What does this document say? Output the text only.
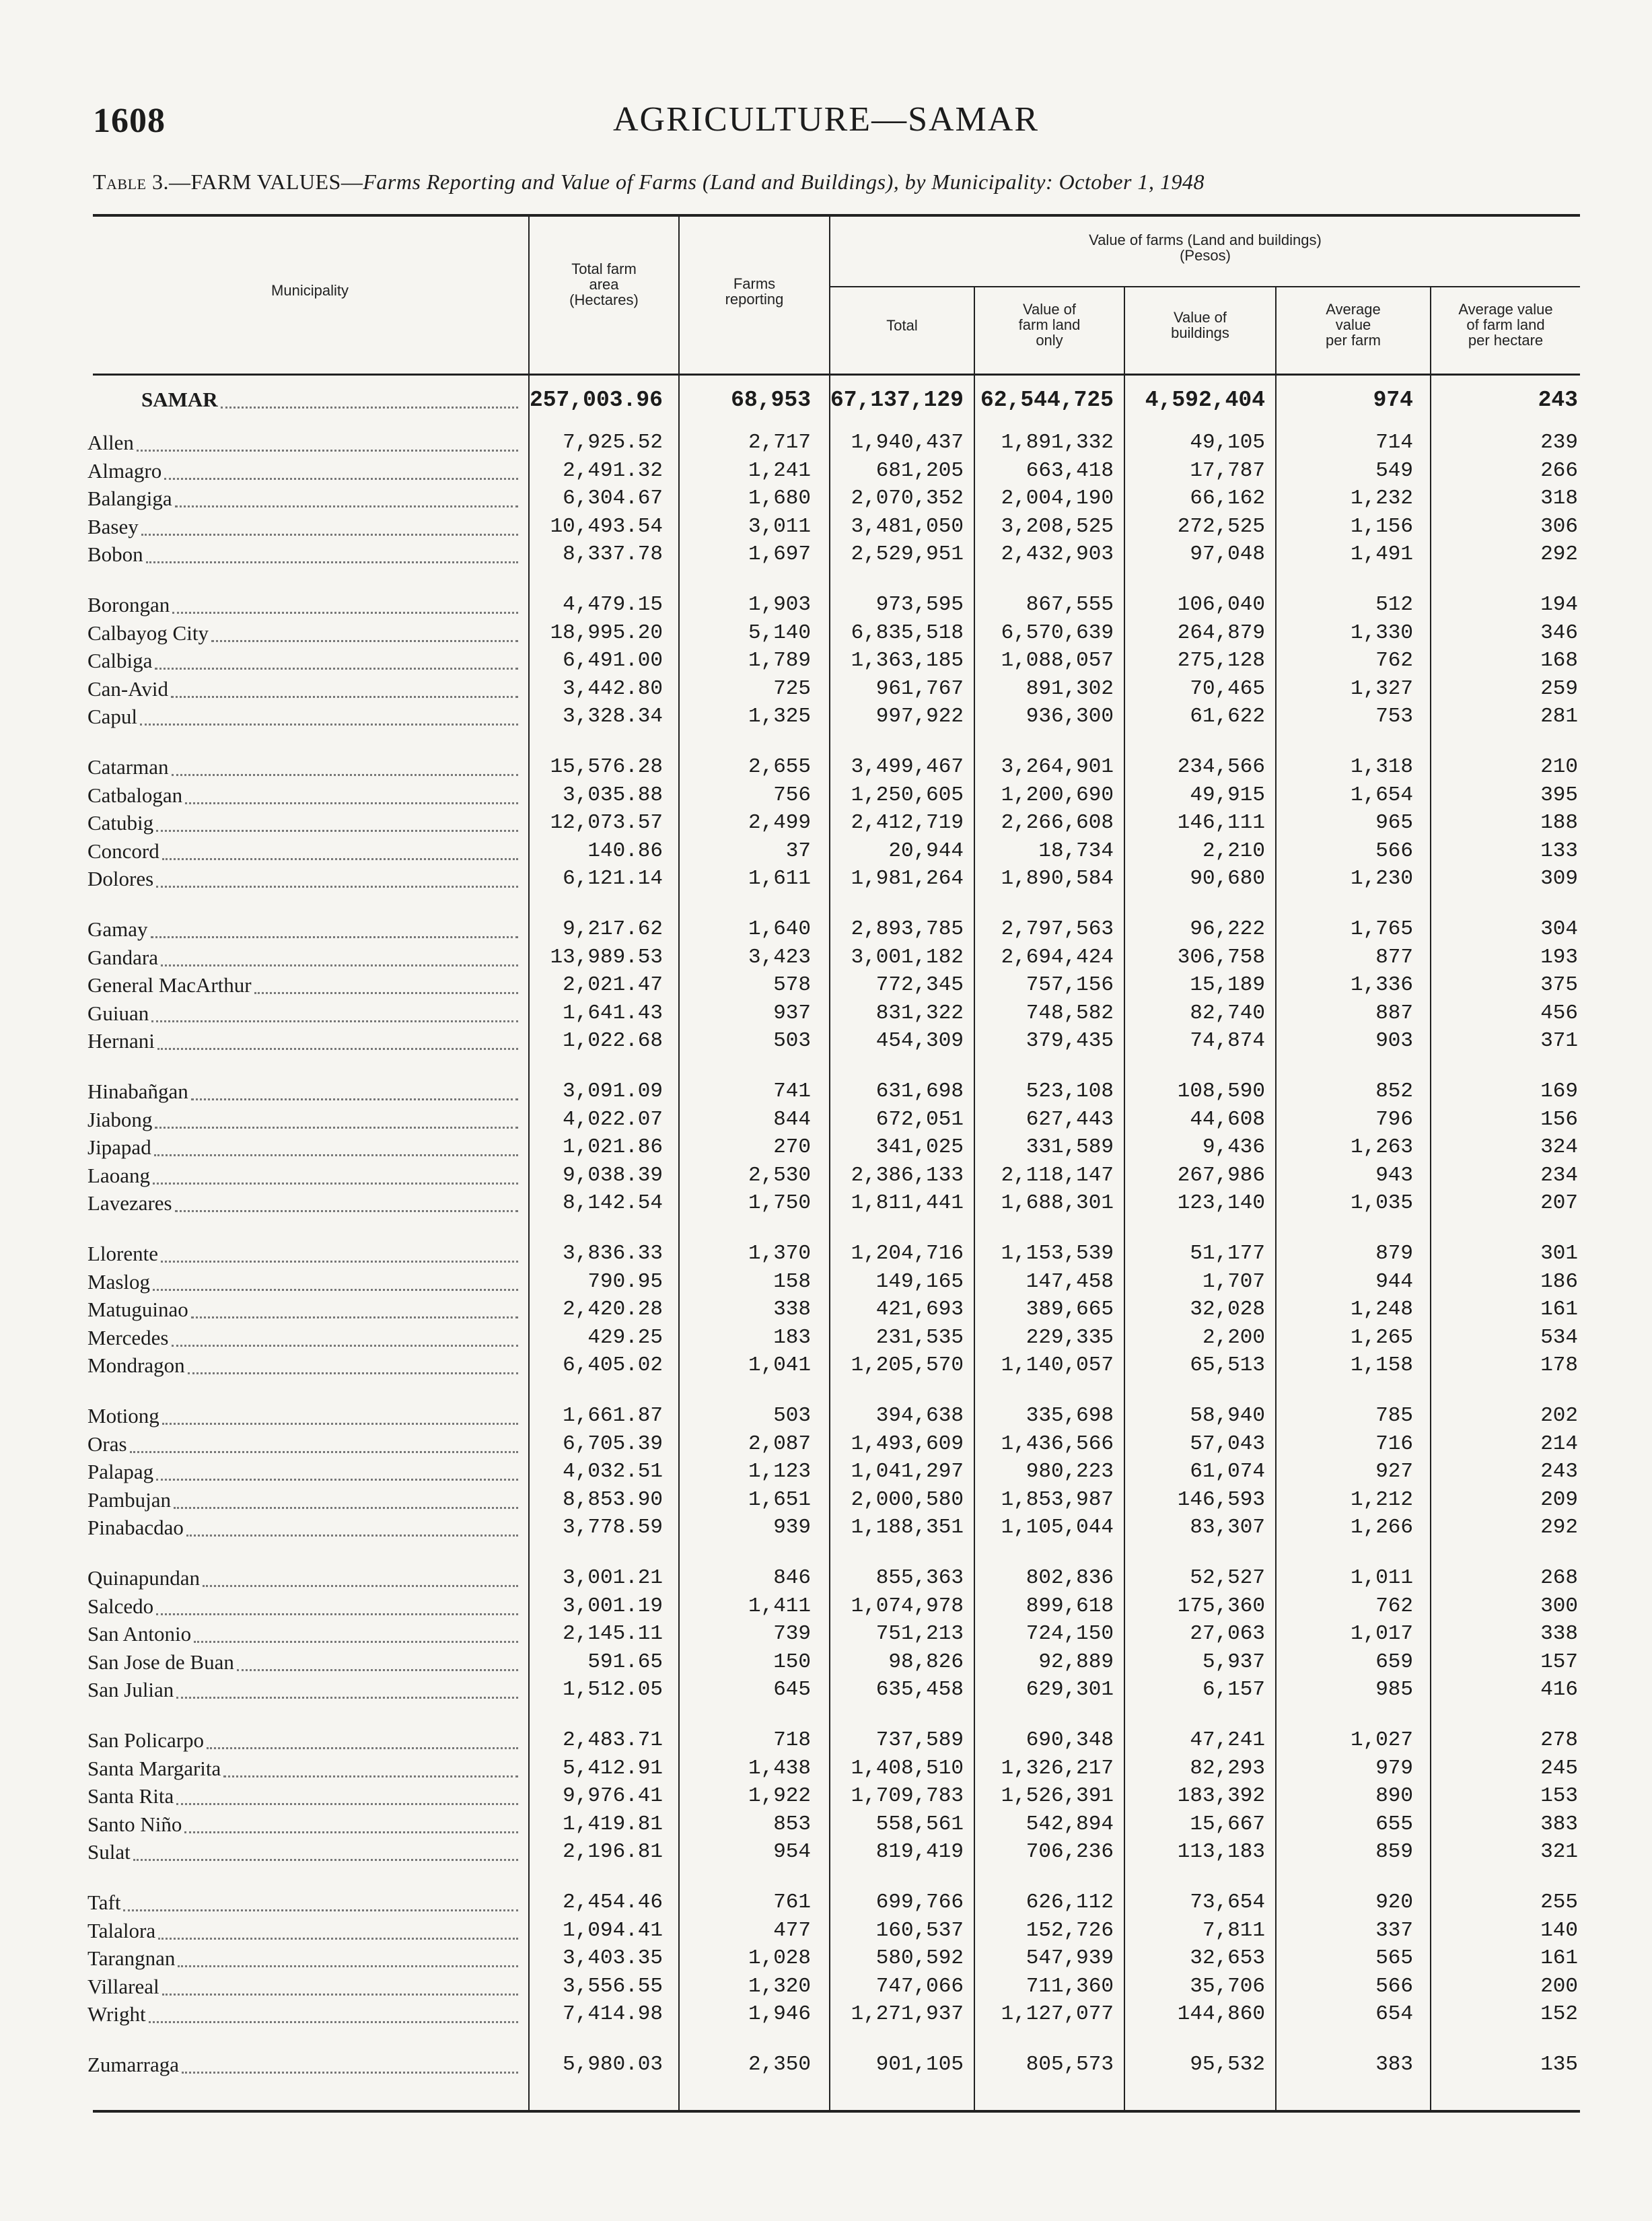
1608	AGRICULTURE—SAMAR
Table 3.—FARM VALUES—Farms Reporting and Value of Farms (Land and Buildings), by Municipality: October 1, 1948
Municipality
Total farm
area
(Hectares)
Farms
reporting
Value of farms (Land and buildings)
(Pesos)
Total
Value of
farm land
only
Value of
buildings
Average
value
per farm
Average value
of farm land
per hectare
SAMAR	257,003.96	68,953 67,137,129 62,544,725 4,592,404	974	243
Allen	7,925.52	2,717 1,940,437 1,891,332	49,105	714	239
Almagro	2,491.32	1,241	681,205	663,418	17,787	549	266
Balangiga	6,304.67	1,680 2,070,352 2,004,190	66,162	1,232	318
Basey	10,493.54	3,011 3,481,050 3,208,525	272,525	1,156	306
Bobon	8,337.78	1,697 2,529,951 2,432,903	97,048	1,491	292
Borongan	4,479.15	1,903	973,595	867,555	106,040	512	194
Calbayog City	18,995.20	5,140 6,835,518 6,570,639	264,879	1,330	346
Calbiga	6,491.00	1,789 1,363,185 1,088,057	275,128	762	168
Can-Avid	3,442.80	725	961,767	891,302	70,465	1,327	259
Capul	3,328.34	1,325	997,922	936,300	61,622	753	281
Catarman	15,576.28	2,655 3,499,467 3,264,901	234,566	1,318	210
Catbalogan	3,035.88	756 1,250,605 1,200,690	49,915	1,654	395
Catubig	12,073.57	2,499 2,412,719 2,266,608	146,111	965	188
Concord	140.86	37	20,944	18,734	2,210	566	133
Dolores	6,121.14	1,611 1,981,264 1,890,584	90,680	1,230	309
Gamay	9,217.62	1,640 2,893,785 2,797,563	96,222	1,765	304
Gandara	13,989.53	3,423 3,001,182 2,694,424	306,758	877	193
General MacArthur	2,021.47	578	772,345	757,156	15,189	1,336	375
Guiuan	1,641.43	937	831,322	748,582	82,740	887	456
Hernani	1,022.68	503	454,309	379,435	74,874	903	371
Hinabañgan	3,091.09	741	631,698	523,108	108,590	852	169
Jiabong	4,022.07	844	672,051	627,443	44,608	796	156
Jipapad	1,021.86	270	341,025	331,589	9,436	1,263	324
Laoang	9,038.39	2,530 2,386,133 2,118,147	267,986	943	234
Lavezares	8,142.54	1,750 1,811,441 1,688,301	123,140	1,035	207
Llorente	3,836.33	1,370 1,204,716 1,153,539	51,177	879	301
Maslog	790.95	158	149,165	147,458	1,707	944	186
Matuguinao	2,420.28	338	421,693	389,665	32,028	1,248	161
Mercedes	429.25	183	231,535	229,335	2,200	1,265	534
Mondragon	6,405.02	1,041 1,205,570 1,140,057	65,513	1,158	178
Motiong	1,661.87	503	394,638	335,698	58,940	785	202
Oras	6,705.39	2,087 1,493,609 1,436,566	57,043	716	214
Palapag	4,032.51	1,123 1,041,297	980,223	61,074	927	243
Pambujan	8,853.90	1,651 2,000,580 1,853,987	146,593	1,212	209
Pinabacdao	3,778.59	939 1,188,351 1,105,044	83,307	1,266	292
Quinapundan	3,001.21	846	855,363	802,836	52,527	1,011	268
Salcedo	3,001.19	1,411 1,074,978	899,618	175,360	762	300
San Antonio	2,145.11	739	751,213	724,150	27,063	1,017	338
San Jose de Buan	591.65	150	98,826	92,889	5,937	659	157
San Julian	1,512.05	645	635,458	629,301	6,157	985	416
San Policarpo	2,483.71	718	737,589	690,348	47,241	1,027	278
Santa Margarita	5,412.91	1,438 1,408,510 1,326,217	82,293	979	245
Santa Rita	9,976.41	1,922 1,709,783 1,526,391	183,392	890	153
Santo Niño	1,419.81	853	558,561	542,894	15,667	655	383
Sulat	2,196.81	954	819,419	706,236	113,183	859	321
Taft	2,454.46	761	699,766	626,112	73,654	920	255
Talalora	1,094.41	477	160,537	152,726	7,811	337	140
Tarangnan	3,403.35	1,028	580,592	547,939	32,653	565	161
Villareal	3,556.55	1,320	747,066	711,360	35,706	566	200
Wright	7,414.98	1,946 1,271,937 1,127,077	144,860	654	152
Zumarraga	5,980.03	2,350	901,105	805,573	95,532	383	135
